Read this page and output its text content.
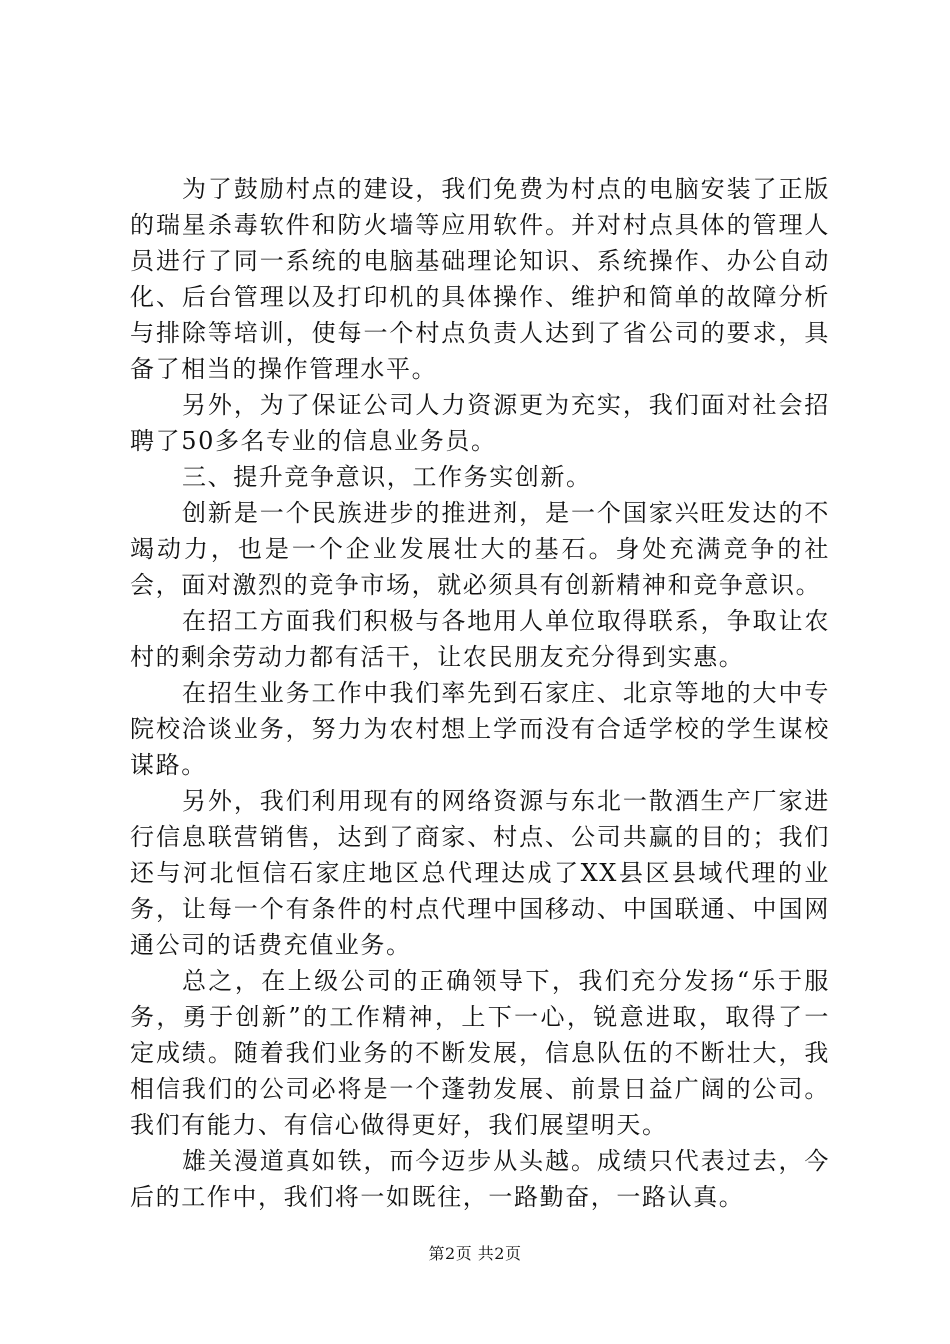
为了鼓励村点的建设，我们免费为村点的电脑安装了正版的瑞星杀毒软件和防火墙等应用软件。并对村点具体的管理人员进行了同一系统的电脑基础理论知识、系统操作、办公自动化、后台管理以及打印机的具体操作、维护和简单的故障分析与排除等培训，使每一个村点负责人达到了省公司的要求，具备了相当的操作管理水平。

另外，为了保证公司人力资源更为充实，我们面对社会招聘了50多名专业的信息业务员。

三、提升竞争意识，工作务实创新。

创新是一个民族进步的推进剂，是一个国家兴旺发达的不竭动力，也是一个企业发展壮大的基石。身处充满竞争的社会，面对激烈的竞争市场，就必须具有创新精神和竞争意识。

在招工方面我们积极与各地用人单位取得联系，争取让农村的剩余劳动力都有活干，让农民朋友充分得到实惠。

在招生业务工作中我们率先到石家庄、北京等地的大中专院校洽谈业务，努力为农村想上学而没有合适学校的学生谋校谋路。

另外，我们利用现有的网络资源与东北一散酒生产厂家进行信息联营销售，达到了商家、村点、公司共赢的目的；我们还与河北恒信石家庄地区总代理达成了XX县区县域代理的业务，让每一个有条件的村点代理中国移动、中国联通、中国网通公司的话费充值业务。

总之，在上级公司的正确领导下，我们充分发扬“乐于服务，勇于创新”的工作精神，上下一心，锐意进取，取得了一定成绩。随着我们业务的不断发展，信息队伍的不断壮大，我相信我们的公司必将是一个蓬勃发展、前景日益广阔的公司。我们有能力、有信心做得更好，我们展望明天。

雄关漫道真如铁，而今迈步从头越。成绩只代表过去，今后的工作中，我们将一如既往，一路勤奋，一路认真。

第2页 共2页
